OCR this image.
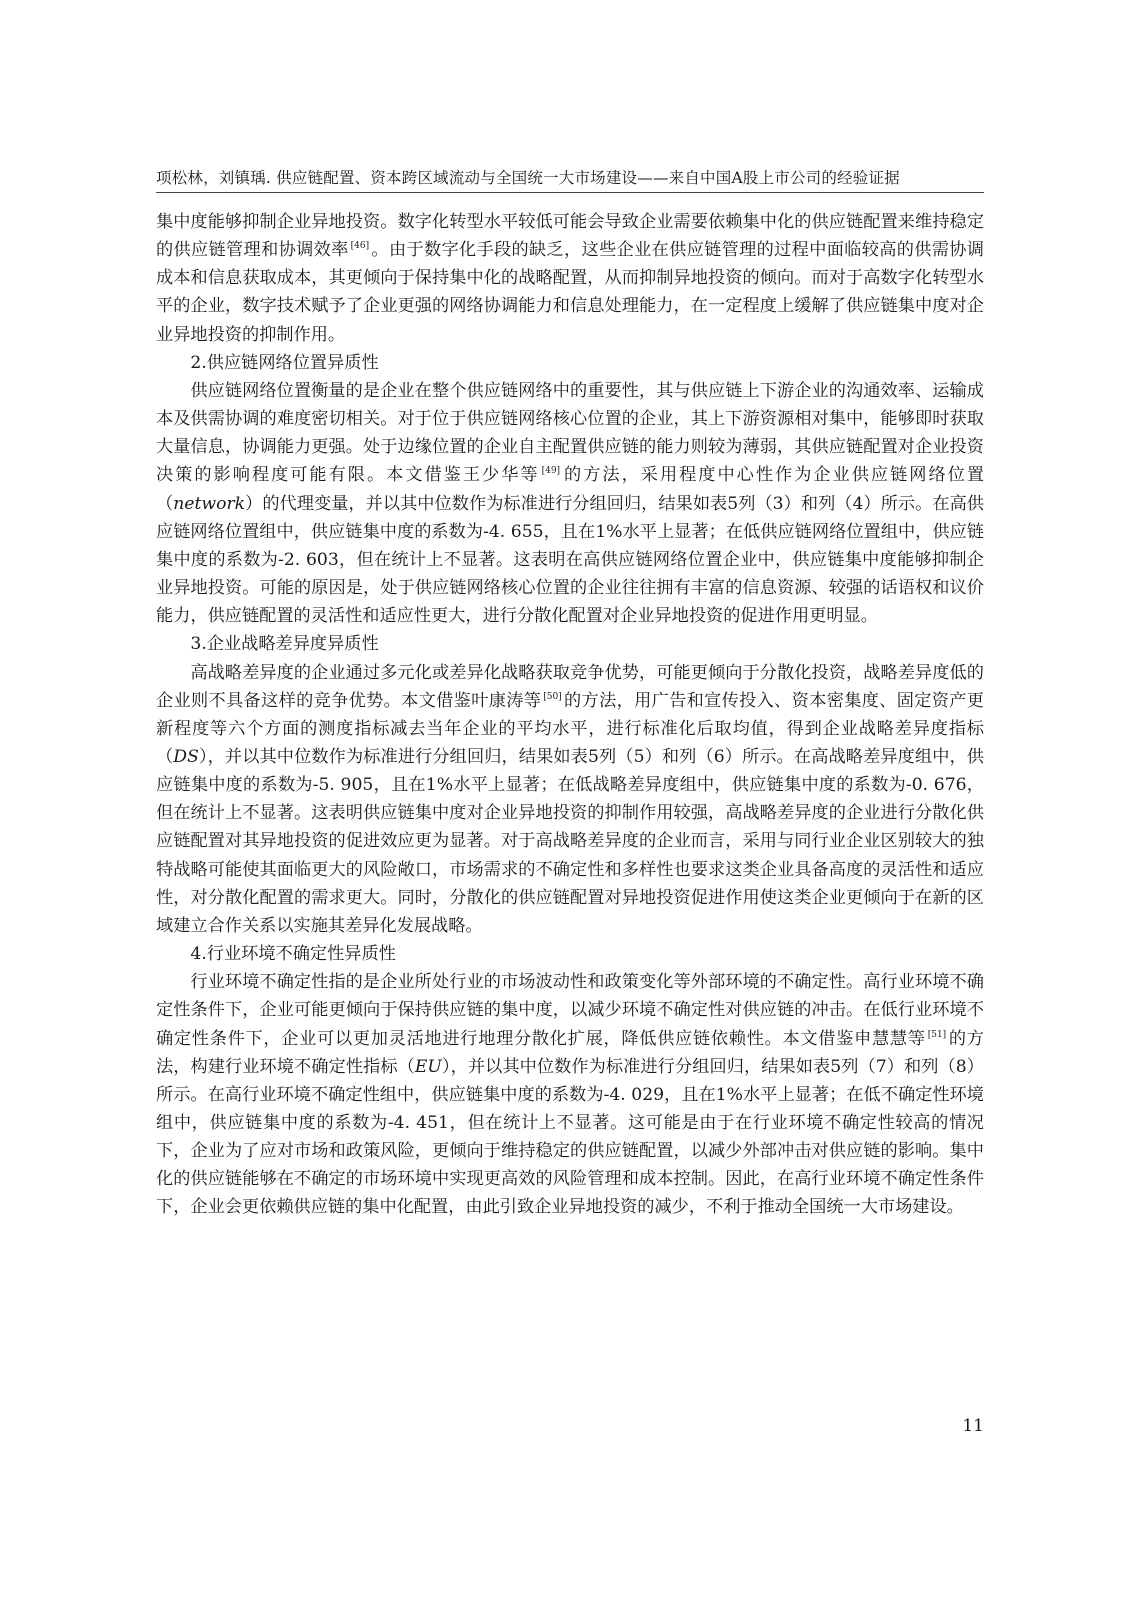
项松林，刘镇瑀. 供应链配置、资本跨区域流动与全国统一大市场建设——来自中国A股上市公司的经验证据

集中度能够抑制企业异地投资。数字化转型水平较低可能会导致企业需要依赖集中化的供应链配置来维持稳定的供应链管理和协调效率 [46] 。由于数字化手段的缺乏，这些企业在供应链管理的过程中面临较高的供需协调成本和信息获取成本，其更倾向于保持集中化的战略配置，从而抑制异地投资的倾向。而对于高数字化转型水平的企业，数字技术赋予了企业更强的网络协调能力和信息处理能力，在一定程度上缓解了供应链集中度对企业异地投资的抑制作用。

2.供应链网络位置异质性

供应链网络位置衡量的是企业在整个供应链网络中的重要性，其与供应链上下游企业的沟通效率、运输成本及供需协调的难度密切相关。对于位于供应链网络核心位置的企业，其上下游资源相对集中，能够即时获取大量信息，协调能力更强。处于边缘位置的企业自主配置供应链的能力则较为薄弱，其供应链配置对企业投资决策的影响程度可能有限。本文借鉴王少华等 [49] 的方法，采用程度中心性作为企业供应链网络位置（network）的代理变量，并以其中位数作为标准进行分组回归，结果如表5列（3）和列（4）所示。在高供应链网络位置组中，供应链集中度的系数为-4. 655，且在1%水平上显著；在低供应链网络位置组中，供应链集中度的系数为-2. 603，但在统计上不显著。这表明在高供应链网络位置企业中，供应链集中度能够抑制企业异地投资。可能的原因是，处于供应链网络核心位置的企业往往拥有丰富的信息资源、较强的话语权和议价能力，供应链配置的灵活性和适应性更大，进行分散化配置对企业异地投资的促进作用更明显。

3.企业战略差异度异质性

高战略差异度的企业通过多元化或差异化战略获取竞争优势，可能更倾向于分散化投资，战略差异度低的企业则不具备这样的竞争优势。本文借鉴叶康涛等 [50] 的方法，用广告和宣传投入、资本密集度、固定资产更新程度等六个方面的测度指标减去当年企业的平均水平，进行标准化后取均值，得到企业战略差异度指标（DS），并以其中位数作为标准进行分组回归，结果如表5列（5）和列（6）所示。在高战略差异度组中，供应链集中度的系数为-5. 905，且在1%水平上显著；在低战略差异度组中，供应链集中度的系数为-0. 676，但在统计上不显著。这表明供应链集中度对企业异地投资的抑制作用较强，高战略差异度的企业进行分散化供应链配置对其异地投资的促进效应更为显著。对于高战略差异度的企业而言，采用与同行业企业区别较大的独特战略可能使其面临更大的风险敞口，市场需求的不确定性和多样性也要求这类企业具备高度的灵活性和适应性，对分散化配置的需求更大。同时，分散化的供应链配置对异地投资促进作用使这类企业更倾向于在新的区域建立合作关系以实施其差异化发展战略。

4.行业环境不确定性异质性

行业环境不确定性指的是企业所处行业的市场波动性和政策变化等外部环境的不确定性。高行业环境不确定性条件下，企业可能更倾向于保持供应链的集中度，以减少环境不确定性对供应链的冲击。在低行业环境不确定性条件下，企业可以更加灵活地进行地理分散化扩展，降低供应链依赖性。本文借鉴申慧慧等 [51] 的方法，构建行业环境不确定性指标（EU），并以其中位数作为标准进行分组回归，结果如表5列（7）和列（8）所示。在高行业环境不确定性组中，供应链集中度的系数为-4. 029，且在1%水平上显著；在低不确定性环境组中，供应链集中度的系数为-4. 451，但在统计上不显著。这可能是由于在行业环境不确定性较高的情况下，企业为了应对市场和政策风险，更倾向于维持稳定的供应链配置，以减少外部冲击对供应链的影响。集中化的供应链能够在不确定的市场环境中实现更高效的风险管理和成本控制。因此，在高行业环境不确定性条件下，企业会更依赖供应链的集中化配置，由此引致企业异地投资的减少，不利于推动全国统一大市场建设。

11
